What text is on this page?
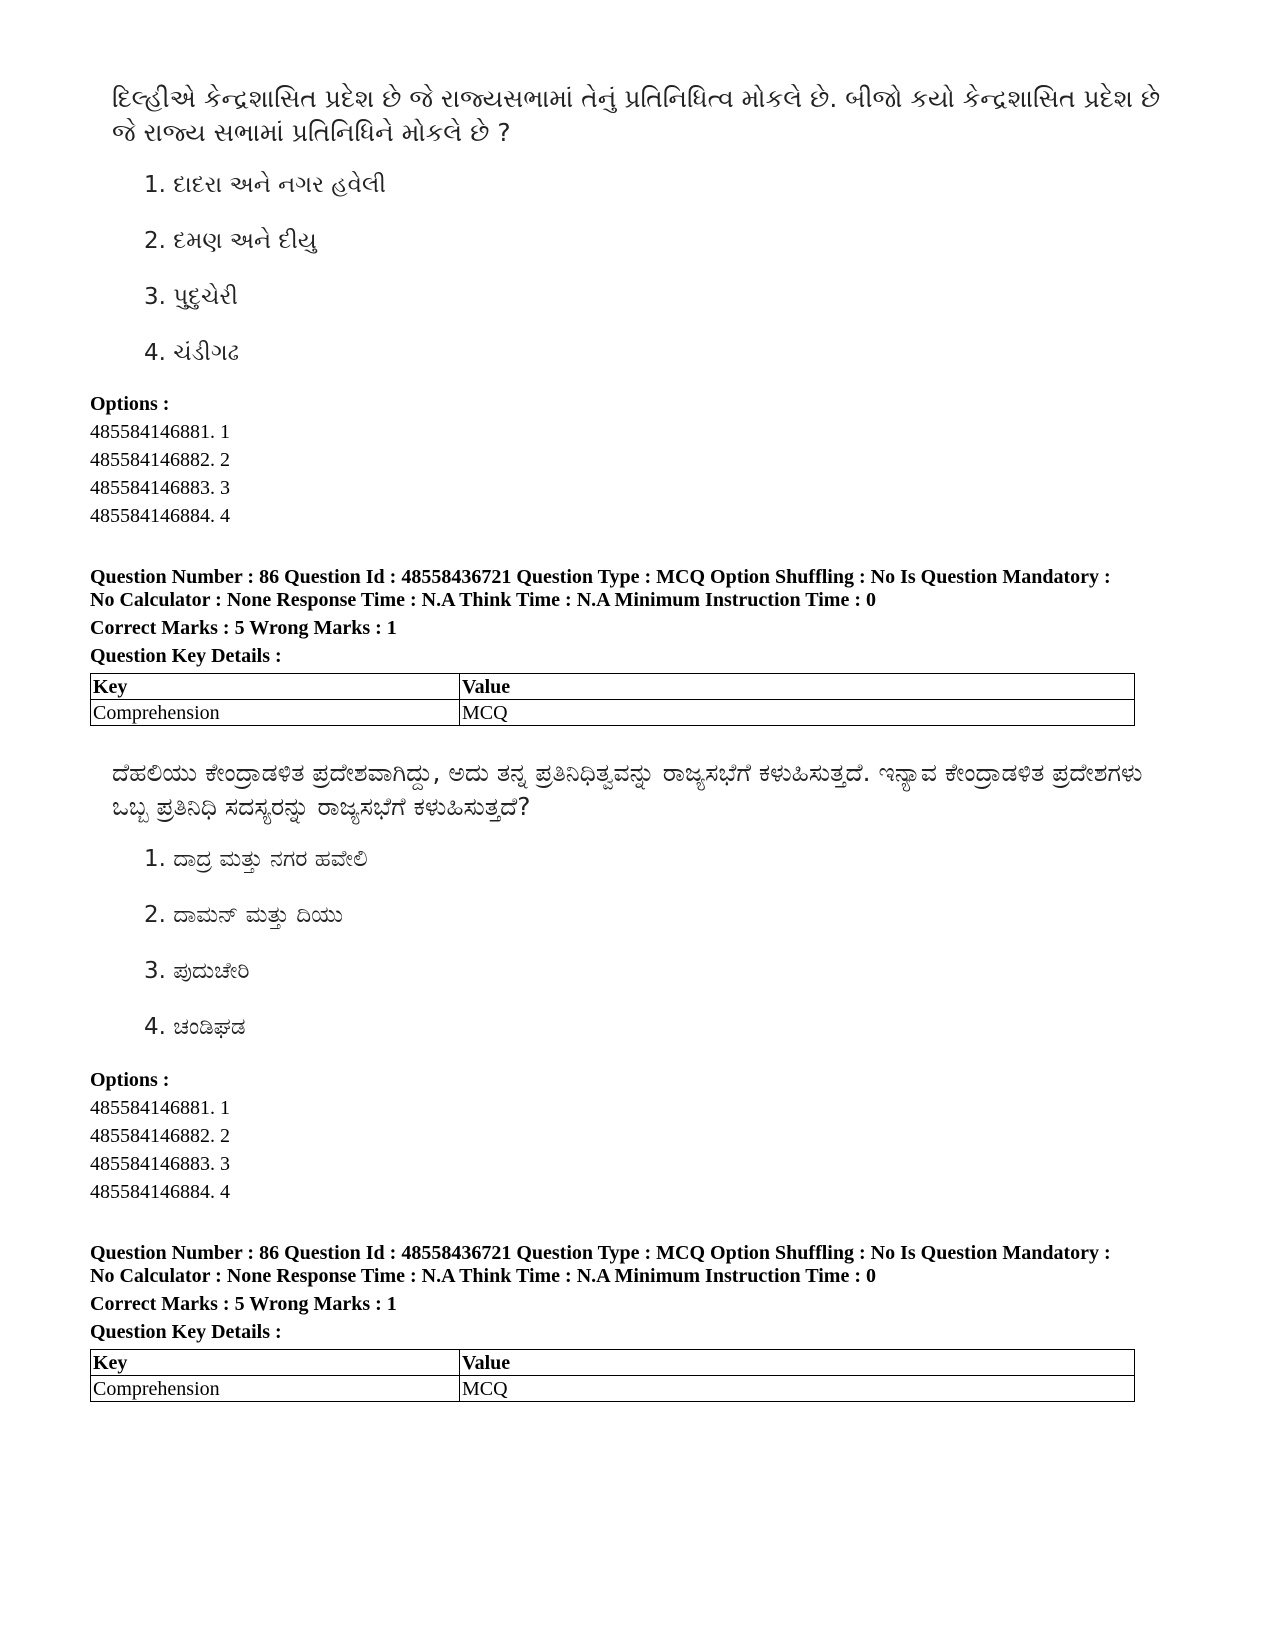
દિલ્હીએ કેન્દ્રશાસિત પ્રદેશ છે જે રાજ્યસભામાં તેનું પ્રતિનિધિત્વ મોકલે છે. બીજો કયો કેન્દ્રશાસિત પ્રદેશ છે જે રાજ્ય સભામાં પ્રતિનિધિને મોકલે છે ?

1. દાદરા અને નગર હવેલી
2. દમણ અને દીયુ
3. પુદુચેરી
4. ચંડીગઢ
Options :
485584146881. 1
485584146882. 2
485584146883. 3
485584146884. 4
Question Number : 86 Question Id : 48558436721 Question Type : MCQ Option Shuffling : No Is Question Mandatory :
No Calculator : None Response Time : N.A Think Time : N.A Minimum Instruction Time : 0
Correct Marks : 5 Wrong Marks : 1
Question Key Details :
Key	Value
Comprehension	MCQ

ದೆಹಲಿಯು ಕೇಂದ್ರಾಡಳಿತ ಪ್ರದೇಶವಾಗಿದ್ದು, ಅದು ತನ್ನ ಪ್ರತಿನಿಧಿತ್ವವನ್ನು ರಾಜ್ಯಸಭೆಗೆ ಕಳುಹಿಸುತ್ತದೆ. ಇನ್ಯಾವ ಕೇಂದ್ರಾಡಳಿತ ಪ್ರದೇಶಗಳು ಒಬ್ಬ ಪ್ರತಿನಿಧಿ ಸದಸ್ಯರನ್ನು ರಾಜ್ಯಸಭೆಗೆ ಕಳುಹಿಸುತ್ತದೆ?

1. ದಾದ್ರ ಮತ್ತು ನಗರ ಹವೇಲಿ
2. ದಾಮನ್ ಮತ್ತು ದಿಯು
3. ಪುದುಚೇರಿ
4. ಚಂಡಿಘಡ
Options :
485584146881. 1
485584146882. 2
485584146883. 3
485584146884. 4
Question Number : 86 Question Id : 48558436721 Question Type : MCQ Option Shuffling : No Is Question Mandatory :
No Calculator : None Response Time : N.A Think Time : N.A Minimum Instruction Time : 0
Correct Marks : 5 Wrong Marks : 1
Question Key Details :
Key	Value
Comprehension	MCQ
